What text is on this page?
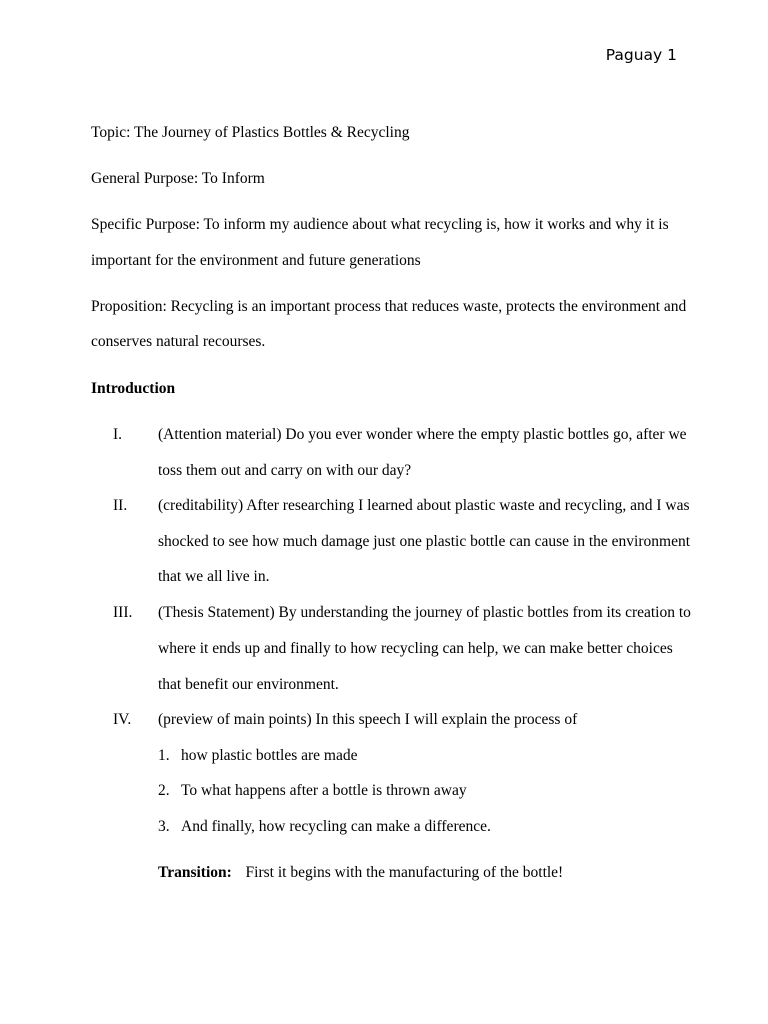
Paguay 1
Topic: The Journey of Plastics Bottles & Recycling
General Purpose: To Inform
Specific Purpose: To inform my audience about what recycling is, how it works and why it is
important for the environment and future generations
Proposition: Recycling is an important process that reduces waste, protects the environment and
conserves natural recourses.
Introduction
I. (Attention material) Do you ever wonder where the empty plastic bottles go, after we
toss them out and carry on with our day?
II. (creditability) After researching I learned about plastic waste and recycling, and I was
shocked to see how much damage just one plastic bottle can cause in the environment
that we all live in.
III. (Thesis Statement) By understanding the journey of plastic bottles from its creation to
where it ends up and finally to how recycling can help, we can make better choices
that benefit our environment.
IV. (preview of main points) In this speech I will explain the process of
1. how plastic bottles are made
2. To what happens after a bottle is thrown away
3. And finally, how recycling can make a difference.
Transition: First it begins with the manufacturing of the bottle!
